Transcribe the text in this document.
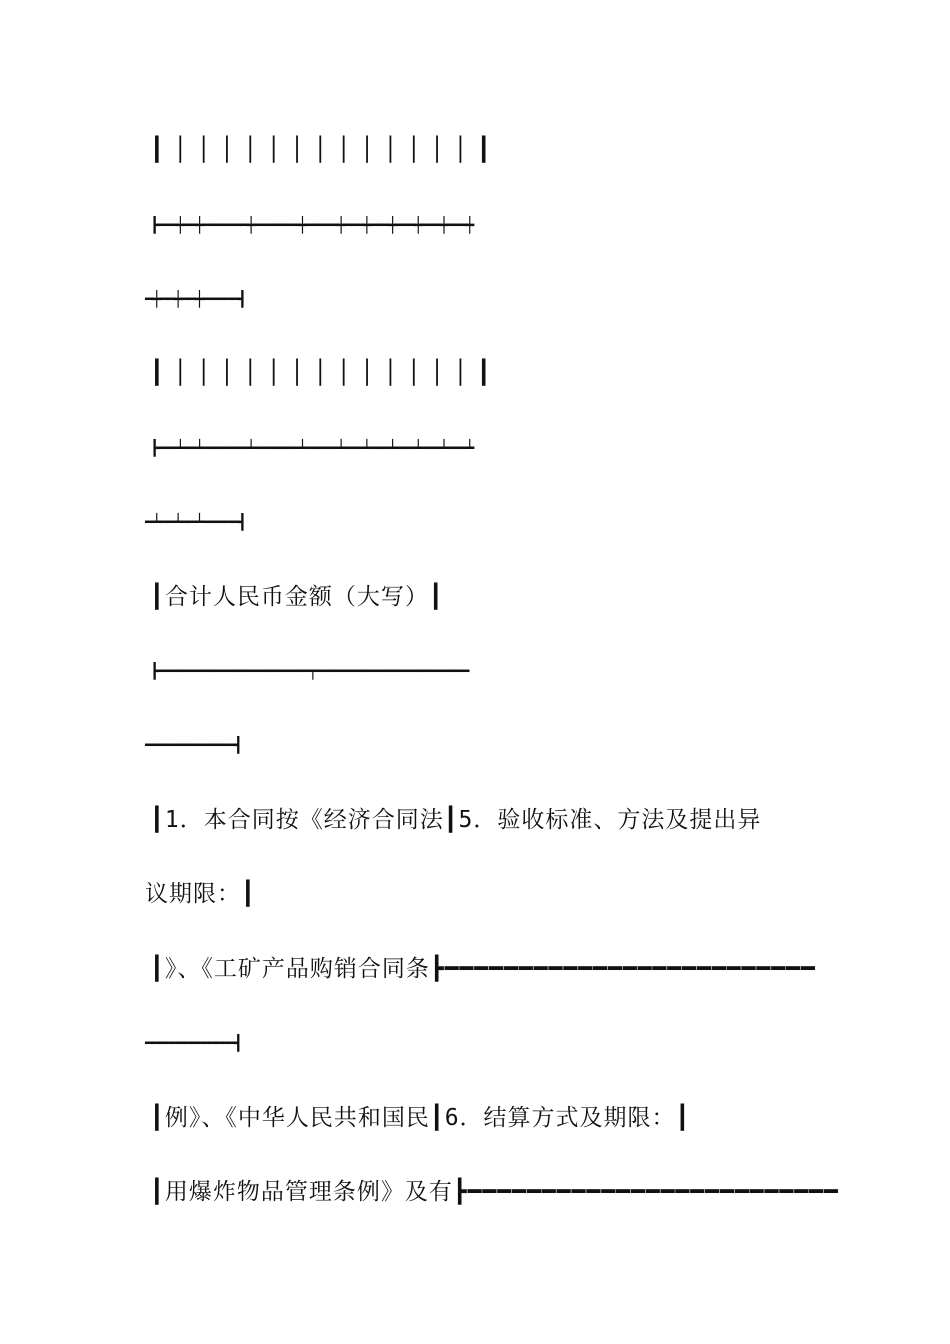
┃│││││││││││││┃
┣━━━┿━━┿━━━━━━━┿━━━━━━━┿━━━━━┿━━━┿━━━┿━━━┿━━━┿━━━┿
━┿━━┿━━┿━━━━━┫
┃│││││││││││││┃
┣━━━┷━━┷━━━━━━━┷━━━━━━━┷━━━━━┷━━━┷━━━┷━━━┷━━━┷━━━┷
━┷━━┷━━┷━━━━━┫
┃合计人民币金额（大写）┃
┣━━━━━━━━━━━━━━━━━━━━━━━━┯━━━━━━━━━━━━━━━━━━━━━━━━
━━━━━━━━━━━━━━┫
┃1．本合同按《经济合同法┃5．验收标准、方法及提出异
议期限：┃
┃》、《工矿产品购销合同条┣━━━━━━━━━━━━━━━━━━━━━━━━━
━━━━━━━━━━━━━━┫
┃例》、《中华人民共和国民┃6．结算方式及期限：┃
┃用爆炸物品管理条例》及有┣━━━━━━━━━━━━━━━━━━━━━━━━━
